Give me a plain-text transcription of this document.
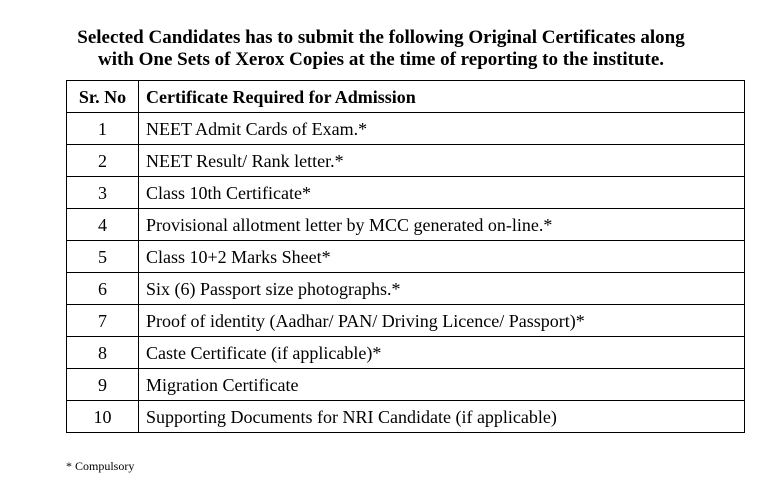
Selected Candidates has to submit the following Original Certificates along
with One Sets of Xerox Copies at the time of reporting to the institute.
Sr. No	Certificate Required for Admission
1	NEET Admit Cards of Exam.*
2	NEET Result/ Rank letter.*
3	Class 10th Certificate*
4	Provisional allotment letter by MCC generated on-line.*
5	Class 10+2 Marks Sheet*
6	Six (6) Passport size photographs.*
7	Proof of identity (Aadhar/ PAN/ Driving Licence/ Passport)*
8	Caste Certificate (if applicable)*
9	Migration Certificate
10	Supporting Documents for NRI Candidate (if applicable)
* Compulsory
